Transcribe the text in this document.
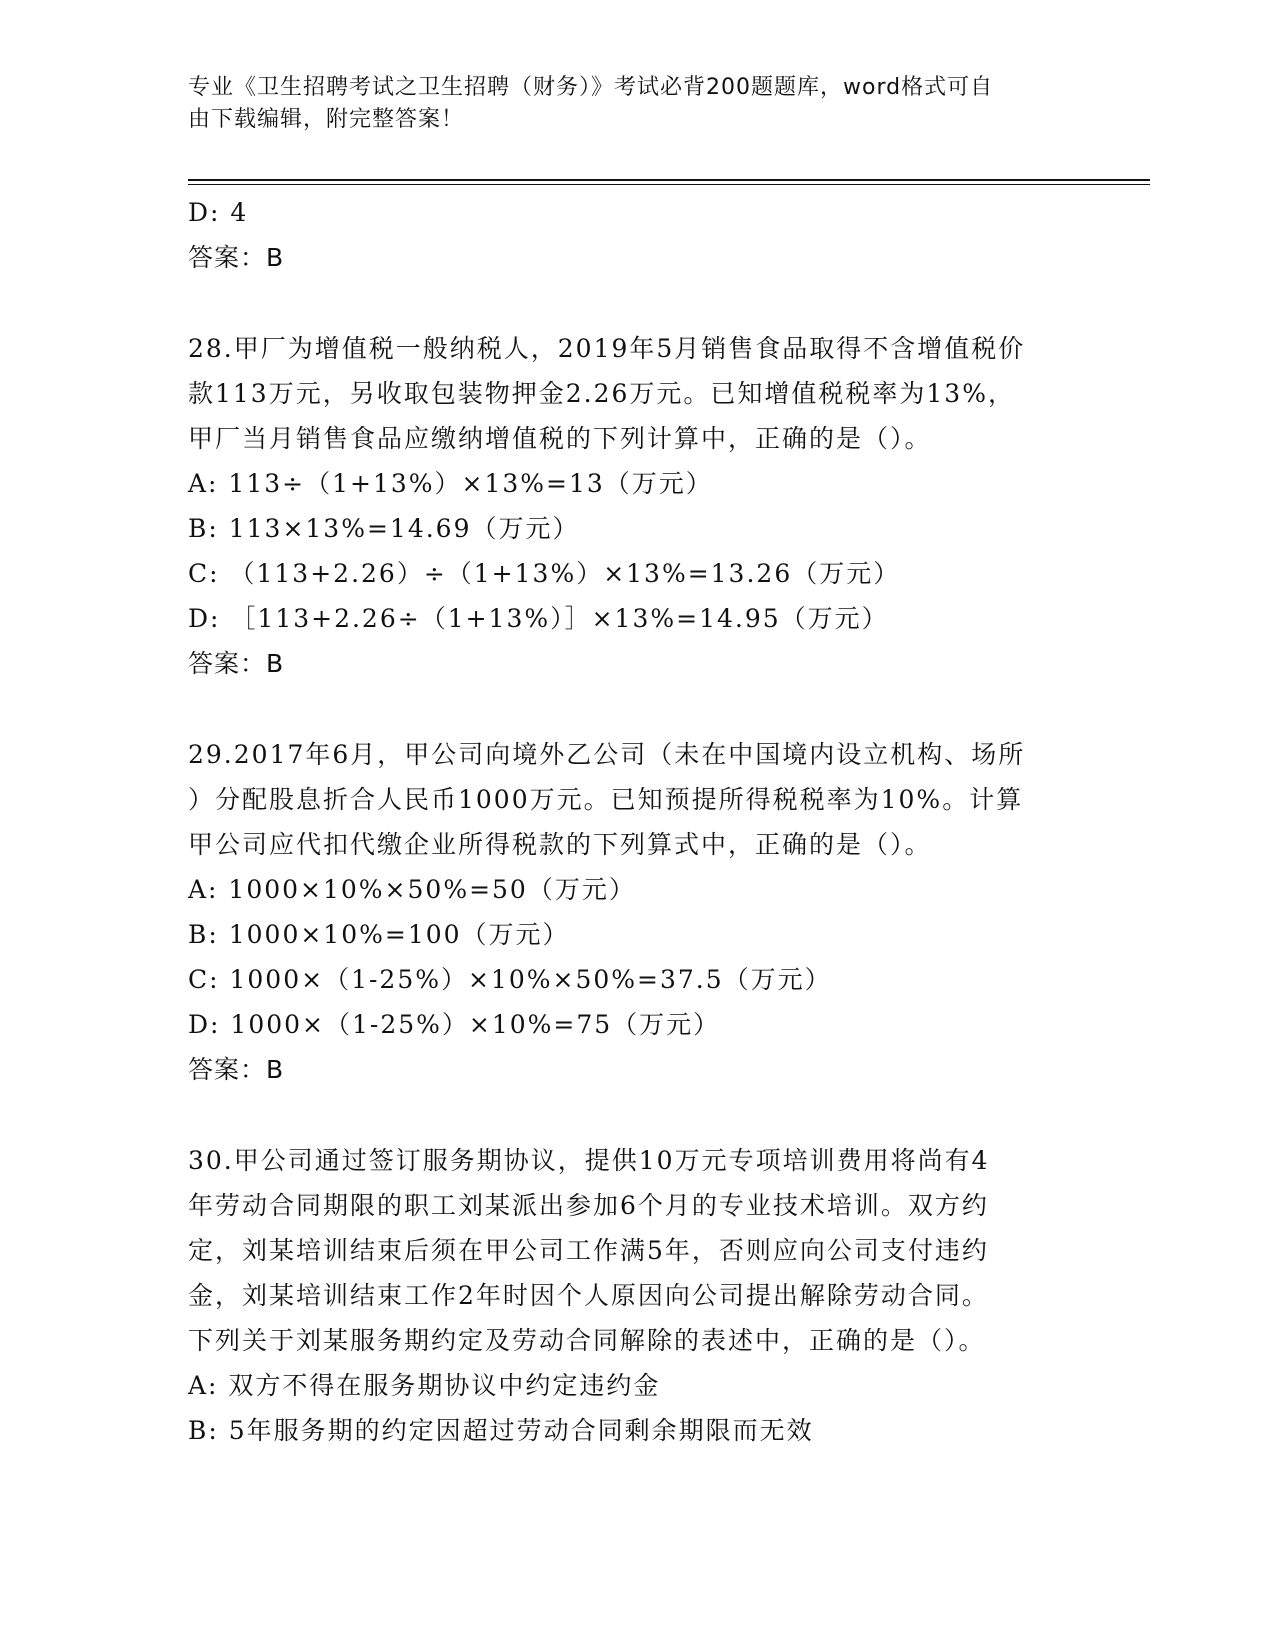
专业《卫生招聘考试之卫生招聘（财务）》考试必背200题题库，word格式可自
由下载编辑，附完整答案！
D: 4
答案：B
28.甲厂为增值税一般纳税人，2019年5月销售食品取得不含增值税价
款113万元，另收取包装物押金2.26万元。已知增值税税率为13%，
甲厂当月销售食品应缴纳增值税的下列计算中，正确的是（）。
A: 113÷（1+13%）×13%=13（万元）
B: 113×13%=14.69（万元）
C: （113+2.26）÷（1+13%）×13%=13.26（万元）
D: ［113+2.26÷（1+13%）］×13%=14.95（万元）
答案：B
29.2017年6月，甲公司向境外乙公司（未在中国境内设立机构、场所
）分配股息折合人民币1000万元。已知预提所得税税率为10%。计算
甲公司应代扣代缴企业所得税款的下列算式中，正确的是（）。
A: 1000×10%×50%=50（万元）
B: 1000×10%=100（万元）
C: 1000×（1-25%）×10%×50%=37.5（万元）
D: 1000×（1-25%）×10%=75（万元）
答案：B
30.甲公司通过签订服务期协议，提供10万元专项培训费用将尚有4
年劳动合同期限的职工刘某派出参加6个月的专业技术培训。双方约
定，刘某培训结束后须在甲公司工作满5年，否则应向公司支付违约
金，刘某培训结束工作2年时因个人原因向公司提出解除劳动合同。
下列关于刘某服务期约定及劳动合同解除的表述中，正确的是（）。
A: 双方不得在服务期协议中约定违约金
B: 5年服务期的约定因超过劳动合同剩余期限而无效
